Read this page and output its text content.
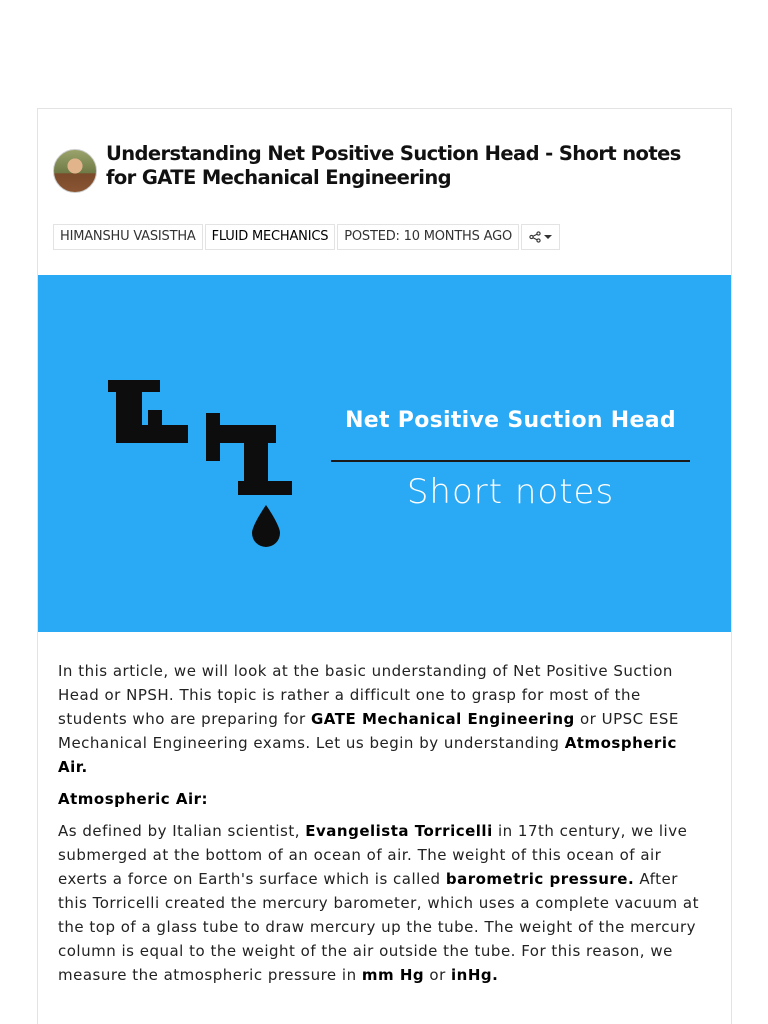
Understanding Net Positive Suction Head - Short notes for GATE Mechanical Engineering
HIMANSHU VASISTHA	FLUID MECHANICS	POSTED: 10 MONTHS AGO
Net Positive Suction Head
Short notes

In this article, we will look at the basic understanding of Net Positive Suction Head or NPSH. This topic is rather a difficult one to grasp for most of the students who are preparing for GATE Mechanical Engineering or UPSC ESE Mechanical Engineering exams. Let us begin by understanding Atmospheric Air.

Atmospheric Air:

As defined by Italian scientist, Evangelista Torricelli in 17th century, we live submerged at the bottom of an ocean of air. The weight of this ocean of air exerts a force on Earth's surface which is called barometric pressure. After this Torricelli created the mercury barometer, which uses a complete vacuum at the top of a glass tube to draw mercury up the tube. The weight of the mercury column is equal to the weight of the air outside the tube. For this reason, we measure the atmospheric pressure in mm Hg or inHg.
